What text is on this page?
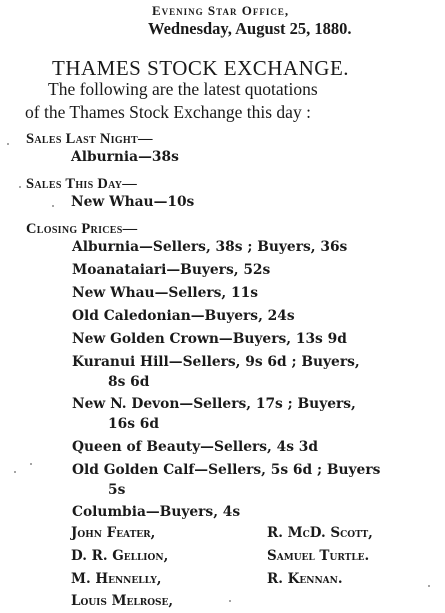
Evening Star Office,
Wednesday, August 25, 1880.
THAMES STOCK EXCHANGE.
The following are the latest quotations
of the Thames Stock Exchange this day :
Sales Last Night—
Alburnia—38s
Sales This Day—
New Whau—10s
Closing Prices—
Alburnia—Sellers, 38s ; Buyers, 36s
Moanataiari—Buyers, 52s
New Whau—Sellers, 11s
Old Caledonian—Buyers, 24s
New Golden Crown—Buyers, 13s 9d
Kuranui Hill—Sellers, 9s 6d ; Buyers,
8s 6d
New N. Devon—Sellers, 17s ; Buyers,
16s 6d
Queen of Beauty—Sellers, 4s 3d
Old Golden Calf—Sellers, 5s 6d ; Buyers
5s
Columbia—Buyers, 4s
John Feater,
D. R. Gellion,
M. Hennelly,
Louis Melrose,
R. McD. Scott,
Samuel Turtle.
R. Kennan.
